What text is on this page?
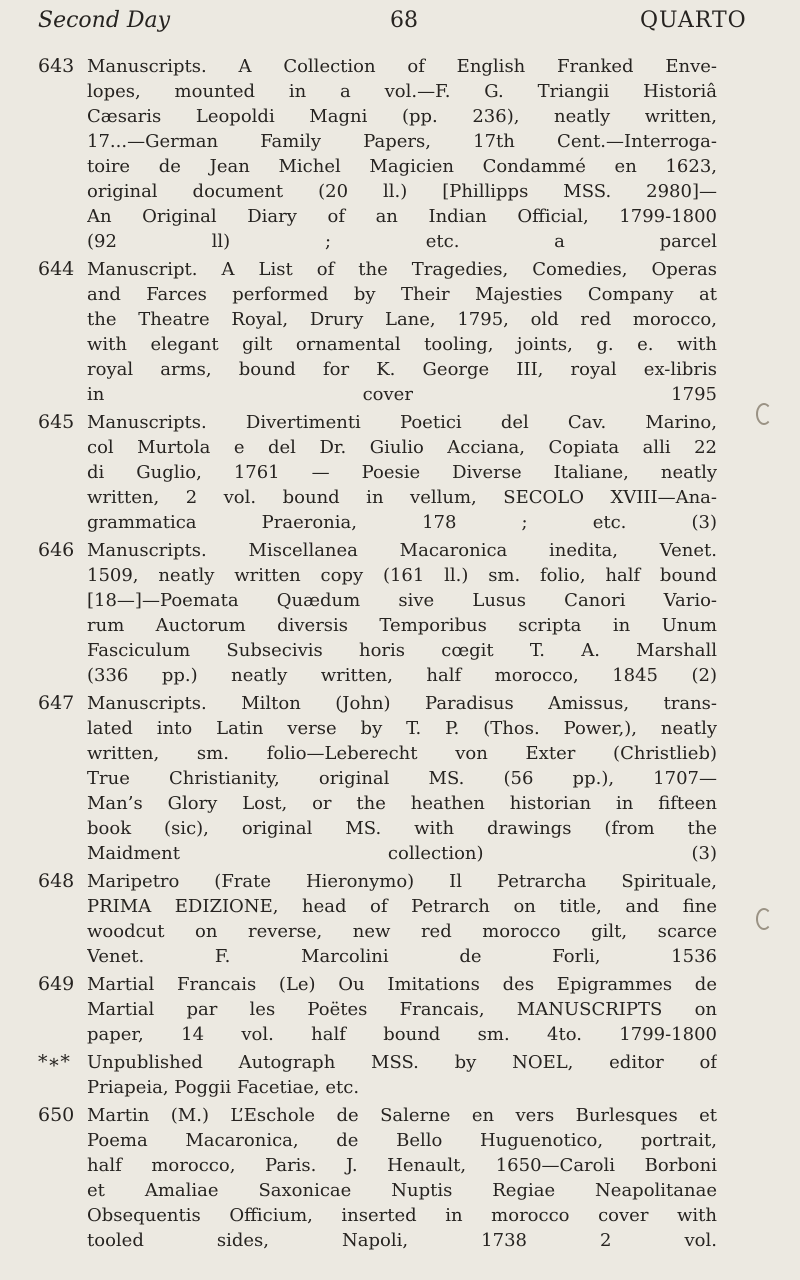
Second Day	68	QUARTO
643 Manuscripts. A Collection of English Franked Enve-
lopes, mounted in a vol.—F. G. Triangii Historiâ
Cæsaris Leopoldi Magni (pp. 236), neatly written,
17...—German Family Papers, 17th Cent.—Interroga-
toire de Jean Michel Magicien Condammé en 1623,
original document (20 ll.) [Phillipps MSS. 2980]—
An Original Diary of an Indian Official, 1799-1800
(92 ll) ; etc. a parcel
644 Manuscript. A List of the Tragedies, Comedies, Operas
and Farces performed by Their Majesties Company at
the Theatre Royal, Drury Lane, 1795, old red morocco,
with elegant gilt ornamental tooling, joints, g. e. with
royal arms, bound for K. George III, royal ex-libris
in cover 1795
645 Manuscripts. Divertimenti Poetici del Cav. Marino,
col Murtola e del Dr. Giulio Acciana, Copiata alli 22
di Guglio, 1761 — Poesie Diverse Italiane, neatly
written, 2 vol. bound in vellum, SECOLO XVIII—Ana-
grammatica Praeronia, 178 ; etc. (3)
646 Manuscripts. Miscellanea Macaronica inedita, Venet.
1509, neatly written copy (161 ll.) sm. folio, half bound
[18—]—Poemata Quædum sive Lusus Canori Vario-
rum Auctorum diversis Temporibus scripta in Unum
Fasciculum Subsecivis horis cœgit T. A. Marshall
(336 pp.) neatly written, half morocco, 1845 (2)
647 Manuscripts. Milton (John) Paradisus Amissus, trans-
lated into Latin verse by T. P. (Thos. Power,), neatly
written, sm. folio—Leberecht von Exter (Christlieb)
True Christianity, original MS. (56 pp.), 1707—
Man’s Glory Lost, or the heathen historian in fifteen
book (sic), original MS. with drawings (from the
Maidment collection) (3)
648 Maripetro (Frate Hieronymo) Il Petrarcha Spirituale,
PRIMA EDIZIONE, head of Petrarch on title, and fine
woodcut on reverse, new red morocco gilt, scarce
Venet. F. Marcolini de Forli, 1536
649 Martial Francais (Le) Ou Imitations des Epigrammes de
Martial par les Poëtes Francais, MANUSCRIPTS on
paper, 14 vol. half bound sm. 4to. 1799-1800
*∗* Unpublished Autograph MSS. by NOEL, editor of
Priapeia, Poggii Facetiae, etc.
650 Martin (M.) L’Eschole de Salerne en vers Burlesques et
Poema Macaronica, de Bello Huguenotico, portrait,
half morocco, Paris. J. Henault, 1650—Caroli Borboni
et Amaliae Saxonicae Nuptis Regiae Neapolitanae
Obsequentis Officium, inserted in morocco cover with
tooled sides, Napoli, 1738 2 vol.
